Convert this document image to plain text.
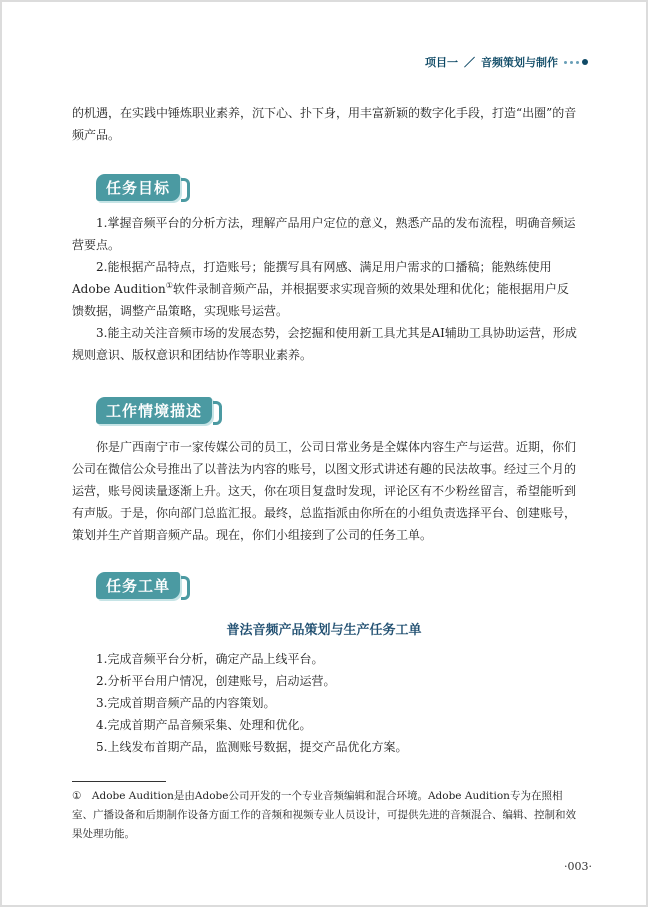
项目一 ／ 音频策划与制作

的机遇，在实践中锤炼职业素养，沉下心、扑下身，用丰富新颖的数字化手段，打造“出圈”的音频产品。

任务目标

1.掌握音频平台的分析方法，理解产品用户定位的意义，熟悉产品的发布流程，明确音频运营要点。

2.能根据产品特点，打造账号；能撰写具有网感、满足用户需求的口播稿；能熟练使用Adobe Audition①软件录制音频产品，并根据要求实现音频的效果处理和优化；能根据用户反馈数据，调整产品策略，实现账号运营。

3.能主动关注音频市场的发展态势，会挖掘和使用新工具尤其是AI辅助工具协助运营，形成规则意识、版权意识和团结协作等职业素养。

工作情境描述

你是广西南宁市一家传媒公司的员工，公司日常业务是全媒体内容生产与运营。近期，你们公司在微信公众号推出了以普法为内容的账号，以图文形式讲述有趣的民法故事。经过三个月的运营，账号阅读量逐渐上升。这天，你在项目复盘时发现，评论区有不少粉丝留言，希望能听到有声版。于是，你向部门总监汇报。最终，总监指派由你所在的小组负责选择平台、创建账号，策划并生产首期音频产品。现在，你们小组接到了公司的任务工单。

任务工单
普法音频产品策划与生产任务工单

1.完成音频平台分析，确定产品上线平台。

2.分析平台用户情况，创建账号，启动运营。

3.完成首期音频产品的内容策划。

4.完成首期产品音频采集、处理和优化。

5.上线发布首期产品，监测账号数据，提交产品优化方案。

①　Adobe Audition是由Adobe公司开发的一个专业音频编辑和混合环境。Adobe Audition专为在照相室、广播设备和后期制作设备方面工作的音频和视频专业人员设计，可提供先进的音频混合、编辑、控制和效果处理功能。

·003·
